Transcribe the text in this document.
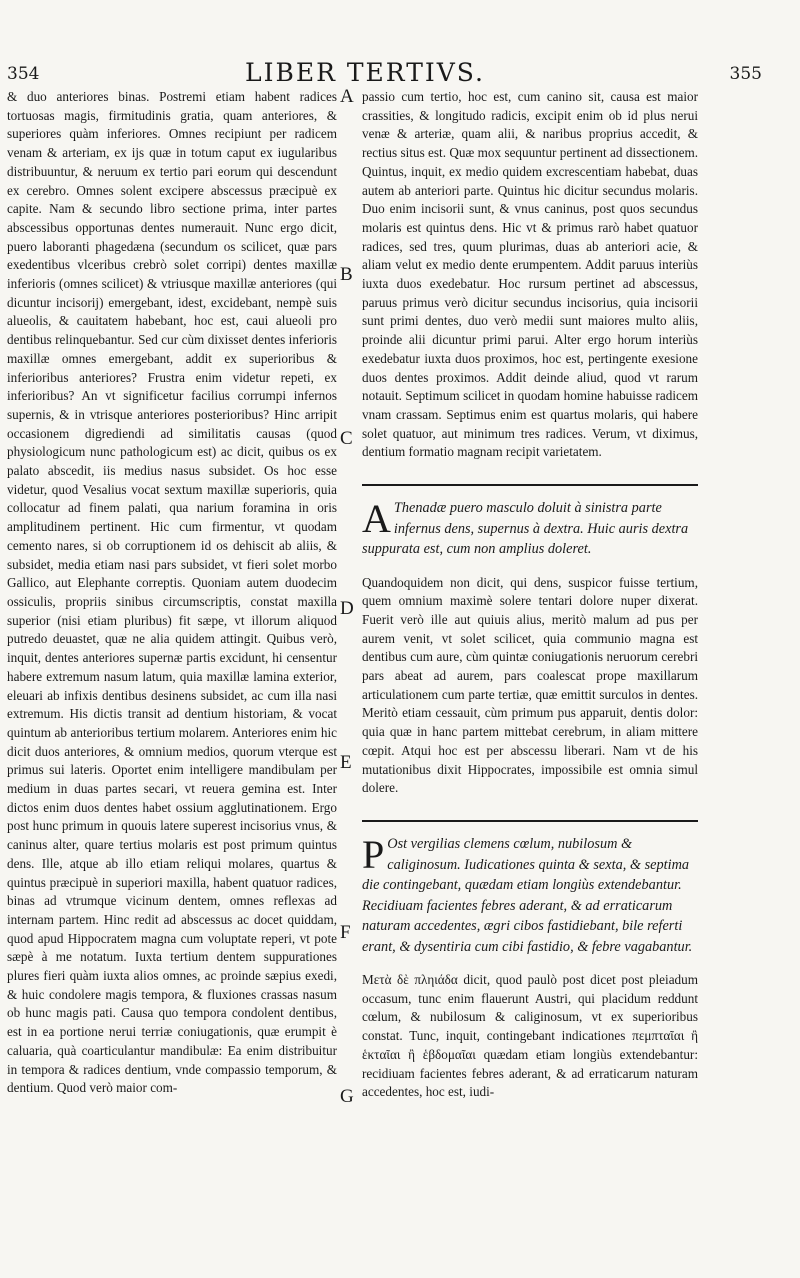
354	LIBER TERTIVS.	355

& duo anteriores binas. Postremi etiam habent radices tortuosas magis, firmitudinis gratia, quam anteriores, & superiores quàm inferiores. Omnes recipiunt per radicem venam & arteriam, ex ijs quæ in totum caput ex iugularibus distribuuntur, & neruum ex tertio pari eorum qui descendunt ex cerebro. Omnes solent excipere abscessus præcipuè ex capite. Nam & secundo libro sectione prima, inter partes abscessibus opportunas dentes numerauit. Nunc ergo dicit, puero laboranti phagedæna (secundum os scilicet, quæ pars exedentibus vlceribus crebrò solet corripi) dentes maxillæ inferioris (omnes scilicet) & vtriusque maxillæ anteriores (qui dicuntur incisorij) emergebant, idest, excidebant, nempè suis alueolis, & cauitatem habebant, hoc est, caui alueoli pro dentibus relinquebantur. Sed cur cùm dixisset dentes inferioris maxillæ omnes emergebant, addit ex superioribus & inferioribus anteriores? Frustra enim videtur repeti, ex inferioribus? An vt significetur facilius corrumpi infernos supernis, & in vtrisque anteriores posterioribus? Hinc arripit occasionem digrediendi ad similitatis causas (quod physiologicum nunc pathologicum est) ac dicit, quibus os ex palato abscedit, iis medius nasus subsidet. Os hoc esse videtur, quod Vesalius vocat sextum maxillæ superioris, quia collocatur ad finem palati, qua narium foramina in oris amplitudinem pertinent. Hic cum firmentur, vt quodam cemento nares, si ob corruptionem id os dehiscit ab aliis, & subsidet, media etiam nasi pars subsidet, vt fieri solet morbo Gallico, aut Elephante correptis. Quoniam autem duodecim ossiculis, propriis sinibus circumscriptis, constat maxilla superior (nisi etiam pluribus) fit sæpe, vt illorum aliquod putredo deuastet, quæ ne alia quidem attingit. Quibus verò, inquit, dentes anteriores supernæ partis excidunt, hi censentur habere extremum nasum latum, quia maxillæ lamina exterior, eleuari ab infixis dentibus desinens subsidet, ac cum illa nasi extremum. His dictis transit ad dentium historiam, & vocat quintum ab anterioribus tertium molarem. Anteriores enim hic dicit duos anteriores, & omnium medios, quorum vterque est primus sui lateris. Oportet enim intelligere mandibulam per medium in duas partes secari, vt reuera gemina est. Inter dictos enim duos dentes habet ossium agglutinationem. Ergo post hunc primum in quouis latere superest incisorius vnus, & caninus alter, quare tertius molaris est post primum quintus dens. Ille, atque ab illo etiam reliqui molares, quartus & quintus præcipuè in superiori maxilla, habent quatuor radices, binas ad vtrumque vicinum dentem, omnes reflexas ad internam partem. Hinc redit ad abscessus ac docet quiddam, quod apud Hippocratem magna cum voluptate reperi, vt pote sæpè à me notatum. Iuxta tertium dentem suppurationes plures fieri quàm iuxta alios omnes, ac proinde sæpius exedi, & huic condolere magis tempora, & fluxiones crassas nasum ob hunc magis pati. Causa quo tempora condolent dentibus, est in ea portione nerui terriæ coniugationis, quæ erumpit è caluaria, quà coarticulantur mandibulæ: Ea enim distribuitur in tempora & radices dentium, vnde compassio temporum, & dentium. Quod verò maior com-

A
B
C
D
E
F
G

passio cum tertio, hoc est, cum canino sit, causa est maior crassities, & longitudo radicis, excipit enim ob id plus nerui venæ & arteriæ, quam alii, & naribus proprius accedit, & rectius situs est. Quæ mox sequuntur pertinent ad dissectionem. Quintus, inquit, ex medio quidem excrescentiam habebat, duas autem ab anteriori parte. Quintus hic dicitur secundus molaris. Duo enim incisorii sunt, & vnus caninus, post quos secundus molaris est quintus dens. Hic vt & primus rarò habet quatuor radices, sed tres, quum plurimas, duas ab anteriori acie, & aliam velut ex medio dente erumpentem. Addit paruus interiùs iuxta duos exedebatur. Hoc rursum pertinet ad abscessus, paruus primus verò dicitur secundus incisorius, quia incisorii sunt primi dentes, duo verò medii sunt maiores multo aliis, proinde alii dicuntur primi parui. Alter ergo horum interiùs exedebatur iuxta duos proximos, hoc est, pertingente exesione duos dentes proximos. Addit deinde aliud, quod vt rarum notauit. Septimum scilicet in quodam homine habuisse radicem vnam crassam. Septimus enim est quartus molaris, qui habere solet quatuor, aut minimum tres radices. Verum, vt diximus, dentium formatio magnam recipit varietatem.

A Thenadæ puero masculo doluit à sinistra parte infernus dens, supernus à dextra. Huic auris dextra suppurata est, cum non amplius doleret.

Quandoquidem non dicit, qui dens, suspicor fuisse tertium, quem omnium maximè solere tentari dolore nuper dixerat. Fuerit verò ille aut quiuis alius, meritò malum ad pus per aurem venit, vt solet scilicet, quia communio magna est dentibus cum aure, cùm quintæ coniugationis neruorum cerebri pars abeat ad aurem, pars coalescat prope maxillarum articulationem cum parte tertiæ, quæ emittit surculos in dentes. Meritò etiam cessauit, cùm primum pus apparuit, dentis dolor: quia quæ in hanc partem mittebat cerebrum, in aliam mittere cœpit. Atqui hoc est per abscessu liberari. Nam vt de his mutationibus dixit Hippocrates, impossibile est omnia simul dolere.

P Ost vergilias clemens cœlum, nubilosum & caliginosum. Iudicationes quinta & sexta, & septima die contingebant, quædam etiam longiùs extendebantur. Recidiuam facientes febres aderant, & ad erraticarum naturam accedentes, ægri cibos fastidiebant, bile referti erant, & dysentiria cum cibi fastidio, & febre vagabantur.

Μετὰ δὲ πληιάδα dicit, quod paulò post dicet post pleiadum occasum, tunc enim flauerunt Austri, qui placidum reddunt cœlum, & nubilosum & caliginosum, vt ex superioribus constat. Tunc, inquit, contingebant indicationes πεμπταῖαι ἢ ἑκταῖαι ἢ ἑβδομαῖαι quædam etiam longiùs extendebantur: recidiuam facientes febres aderant, & ad erraticarum naturam accedentes, hoc est, iudi-
